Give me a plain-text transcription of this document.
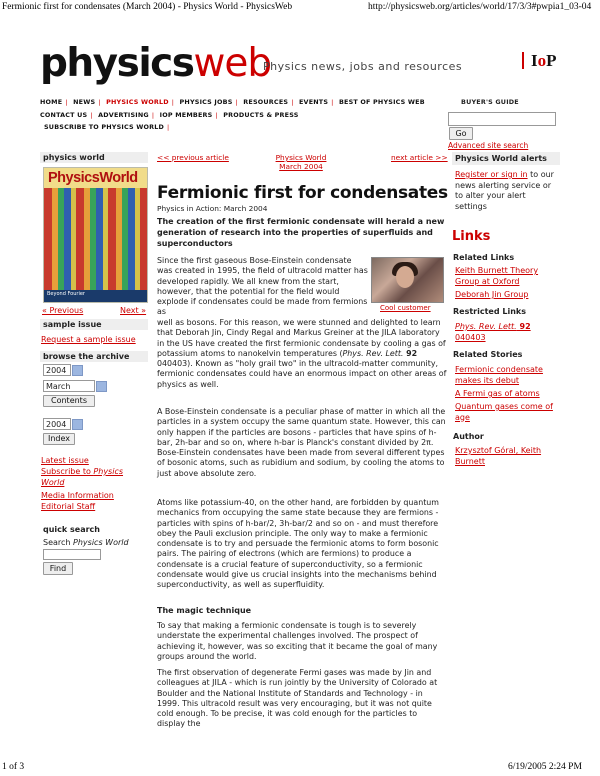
Fermionic first for condensates (March 2004) - Physics World - PhysicsWeb	http://physicsweb.org/articles/world/17/3/3#pwpia1_03-04
1 of 3	6/19/2005 2:24 PM
physicsweb
Physics news, jobs and resources	IoP
HOME | NEWS | PHYSICS WORLD | PHYSICS JOBS | RESOURCES | EVENTS | BEST OF PHYSICS WEB	BUYER'S GUIDE
CONTACT US | ADVERTISING | IOP MEMBERS | PRODUCTS & PRESS
SUBSCRIBE TO PHYSICS WORLD |
Go
Advanced site search
physics world
PhysicsWorld
Beyond Fourier
« Previous	Next »
sample issue
Request a sample issue
browse the archive
2004
March
Contents
2004
Index
Latest issue
Subscribe to Physics World
Media Information
Editorial Staff
quick search
Search Physics World
Find
<< previous article	Physics World
March 2004
next article >>
Fermionic first for condensates
Physics in Action: March 2004
The creation of the first fermionic condensate will herald a new generation of research into the properties of superfluids and superconductors
Cool customer
Since the first gaseous Bose-Einstein condensate was created in 1995, the field of ultracold matter has developed rapidly. We all knew from the start, however, that the potential for the field would explode if condensates could be made from fermions as
well as bosons. For this reason, we were stunned and delighted to learn that Deborah Jin, Cindy Regal and Markus Greiner at the JILA laboratory in the US have created the first fermionic condensate by cooling a gas of potassium atoms to nanokelvin temperatures (Phys. Rev. Lett. 92 040403). Known as "holy grail two" in the ultracold-matter community, fermionic condensates could have an enormous impact on other areas of physics as well.
A Bose-Einstein condensate is a peculiar phase of matter in which all the particles in a system occupy the same quantum state. However, this can only happen if the particles are bosons - particles that have spins of h-bar, 2h-bar and so on, where h-bar is Planck's constant divided by 2π. Bose-Einstein condensates have been made from several different types of bosonic atoms, such as rubidium and sodium, by cooling the atoms to just above absolute zero.
Atoms like potassium-40, on the other hand, are forbidden by quantum mechanics from occupying the same state because they are fermions - particles with spins of h-bar/2, 3h-bar/2 and so on - and must therefore obey the Pauli exclusion principle. The only way to make a fermionic condensate is to try and persuade the fermionic atoms to form bosonic pairs. The pairing of electrons (which are fermions) to produce a condensate is a crucial feature of superconductivity, so a fermionic condensate would give us crucial insights into the mechanisms behind superconductivity, as well as superfluidity.
The magic technique
To say that making a fermionic condensate is tough is to severely understate the experimental challenges involved. The prospect of achieving it, however, was so exciting that it became the goal of many groups around the world.
The first observation of degenerate Fermi gases was made by Jin and colleagues at JILA - which is run jointly by the University of Colorado at Boulder and the National Institute of Standards and Technology - in 1999. This ultracold result was very encouraging, but it was not quite cold enough. To be precise, it was cold enough for the particles to display the
Physics World alerts
Register or sign in to our news alerting service or to alter your alert settings
Links
Related Links
Keith Burnett Theory Group at Oxford
Deborah Jin Group
Restricted Links
Phys. Rev. Lett. 92
040403
Related Stories
Fermionic condensate makes its debut
A Fermi gas of atoms
Quantum gases come of age
Author
Krzysztof Góral, Keith Burnett
